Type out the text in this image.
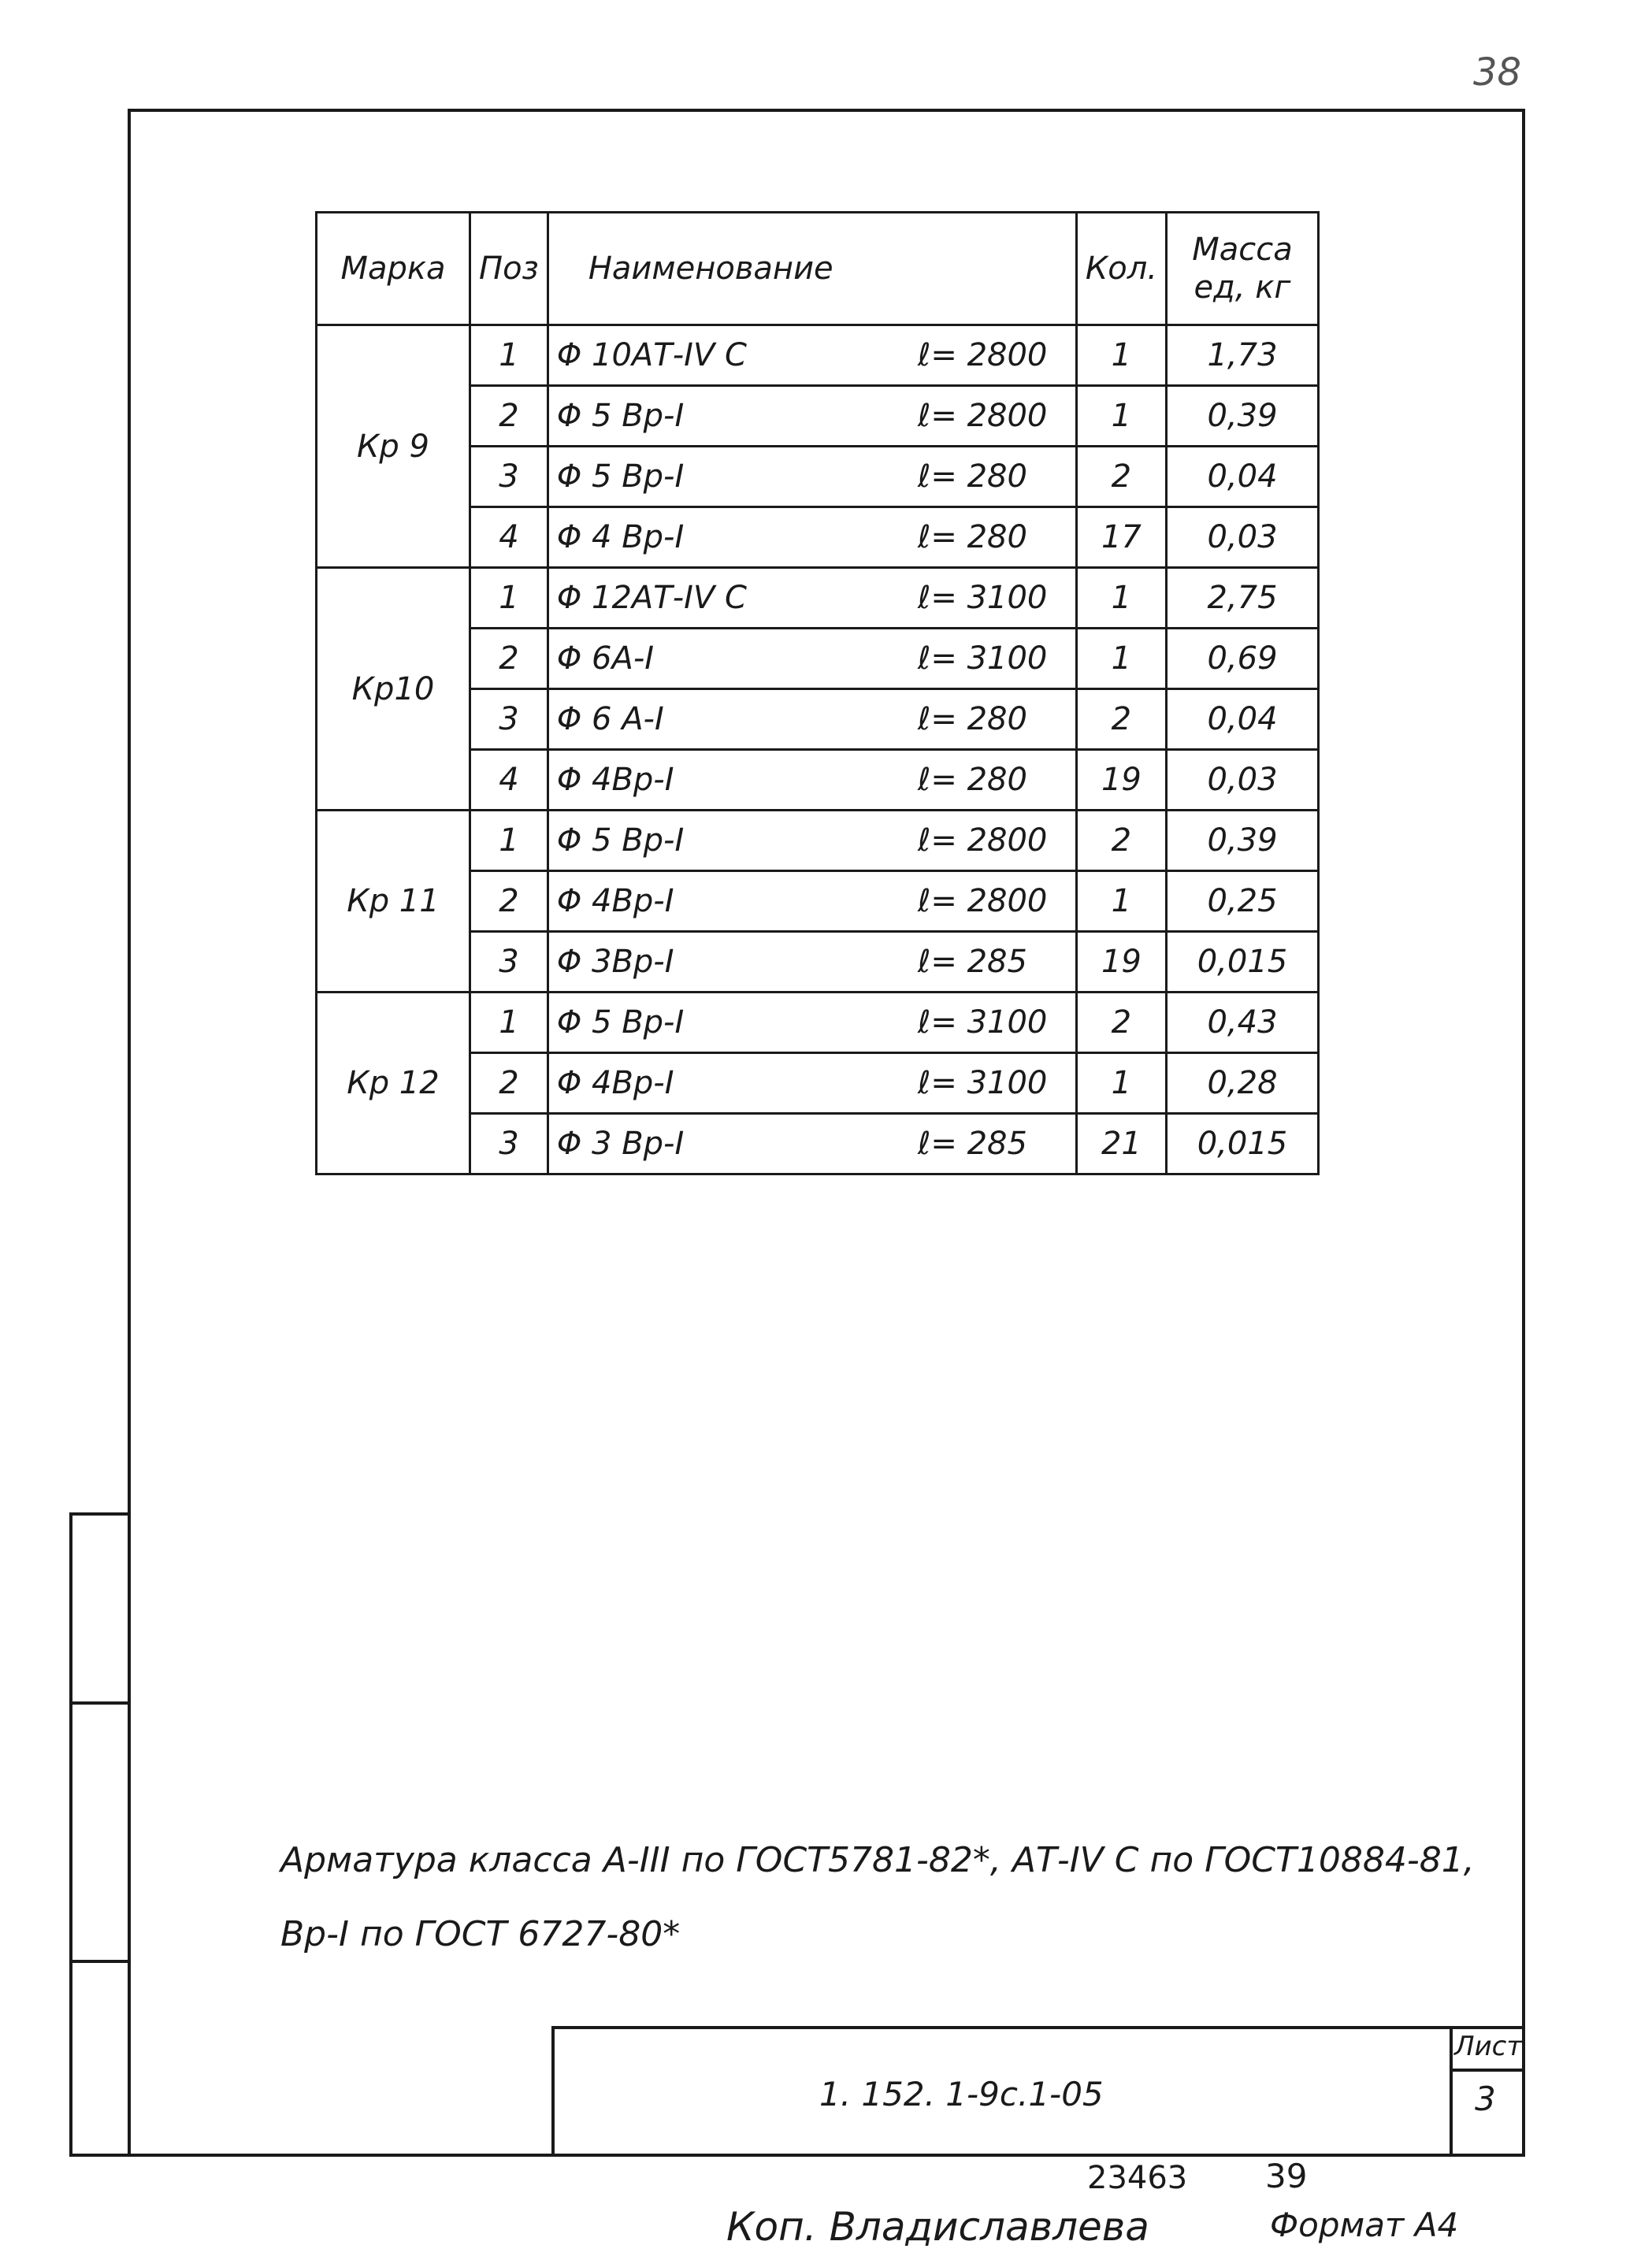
38
Марка	Поз	Наименование	Кол.	Масса
ед, кг

Кр 9	1	Φ 10АТ-IV С ℓ= 2800	1	1,73
	2	Φ 5 Вр-I ℓ= 2800	1	0,39
	3	Φ 5 Вр-I ℓ= 280	2	0,04
	4	Φ 4 Вр-I ℓ= 280	17	0,03
Кр10	1	Φ 12АТ-IV С ℓ= 3100	1	2,75
	2	Φ 6А-I ℓ= 3100	1	0,69
	3	Φ 6 А-I ℓ= 280	2	0,04
	4	Φ 4Вр-I ℓ= 280	19	0,03
Кр 11	1	Φ 5 Вр-I ℓ= 2800	2	0,39
	2	Φ 4Вр-I ℓ= 2800	1	0,25
	3	Φ 3Вр-I ℓ= 285	19	0,015
Кр 12	1	Φ 5 Вр-I ℓ= 3100	2	0,43
	2	Φ 4Вр-I ℓ= 3100	1	0,28
	3	Φ 3 Вр-I ℓ= 285	21	0,015
Арматура класса А-III по ГОСТ5781-82*, АТ-IV С по ГОСТ10884-81,
Вр-I по ГОСТ 6727-80*
1. 152. 1-9с.1-05
Лист
3
23463 39
Коп. Владиславлева	Формат А4
